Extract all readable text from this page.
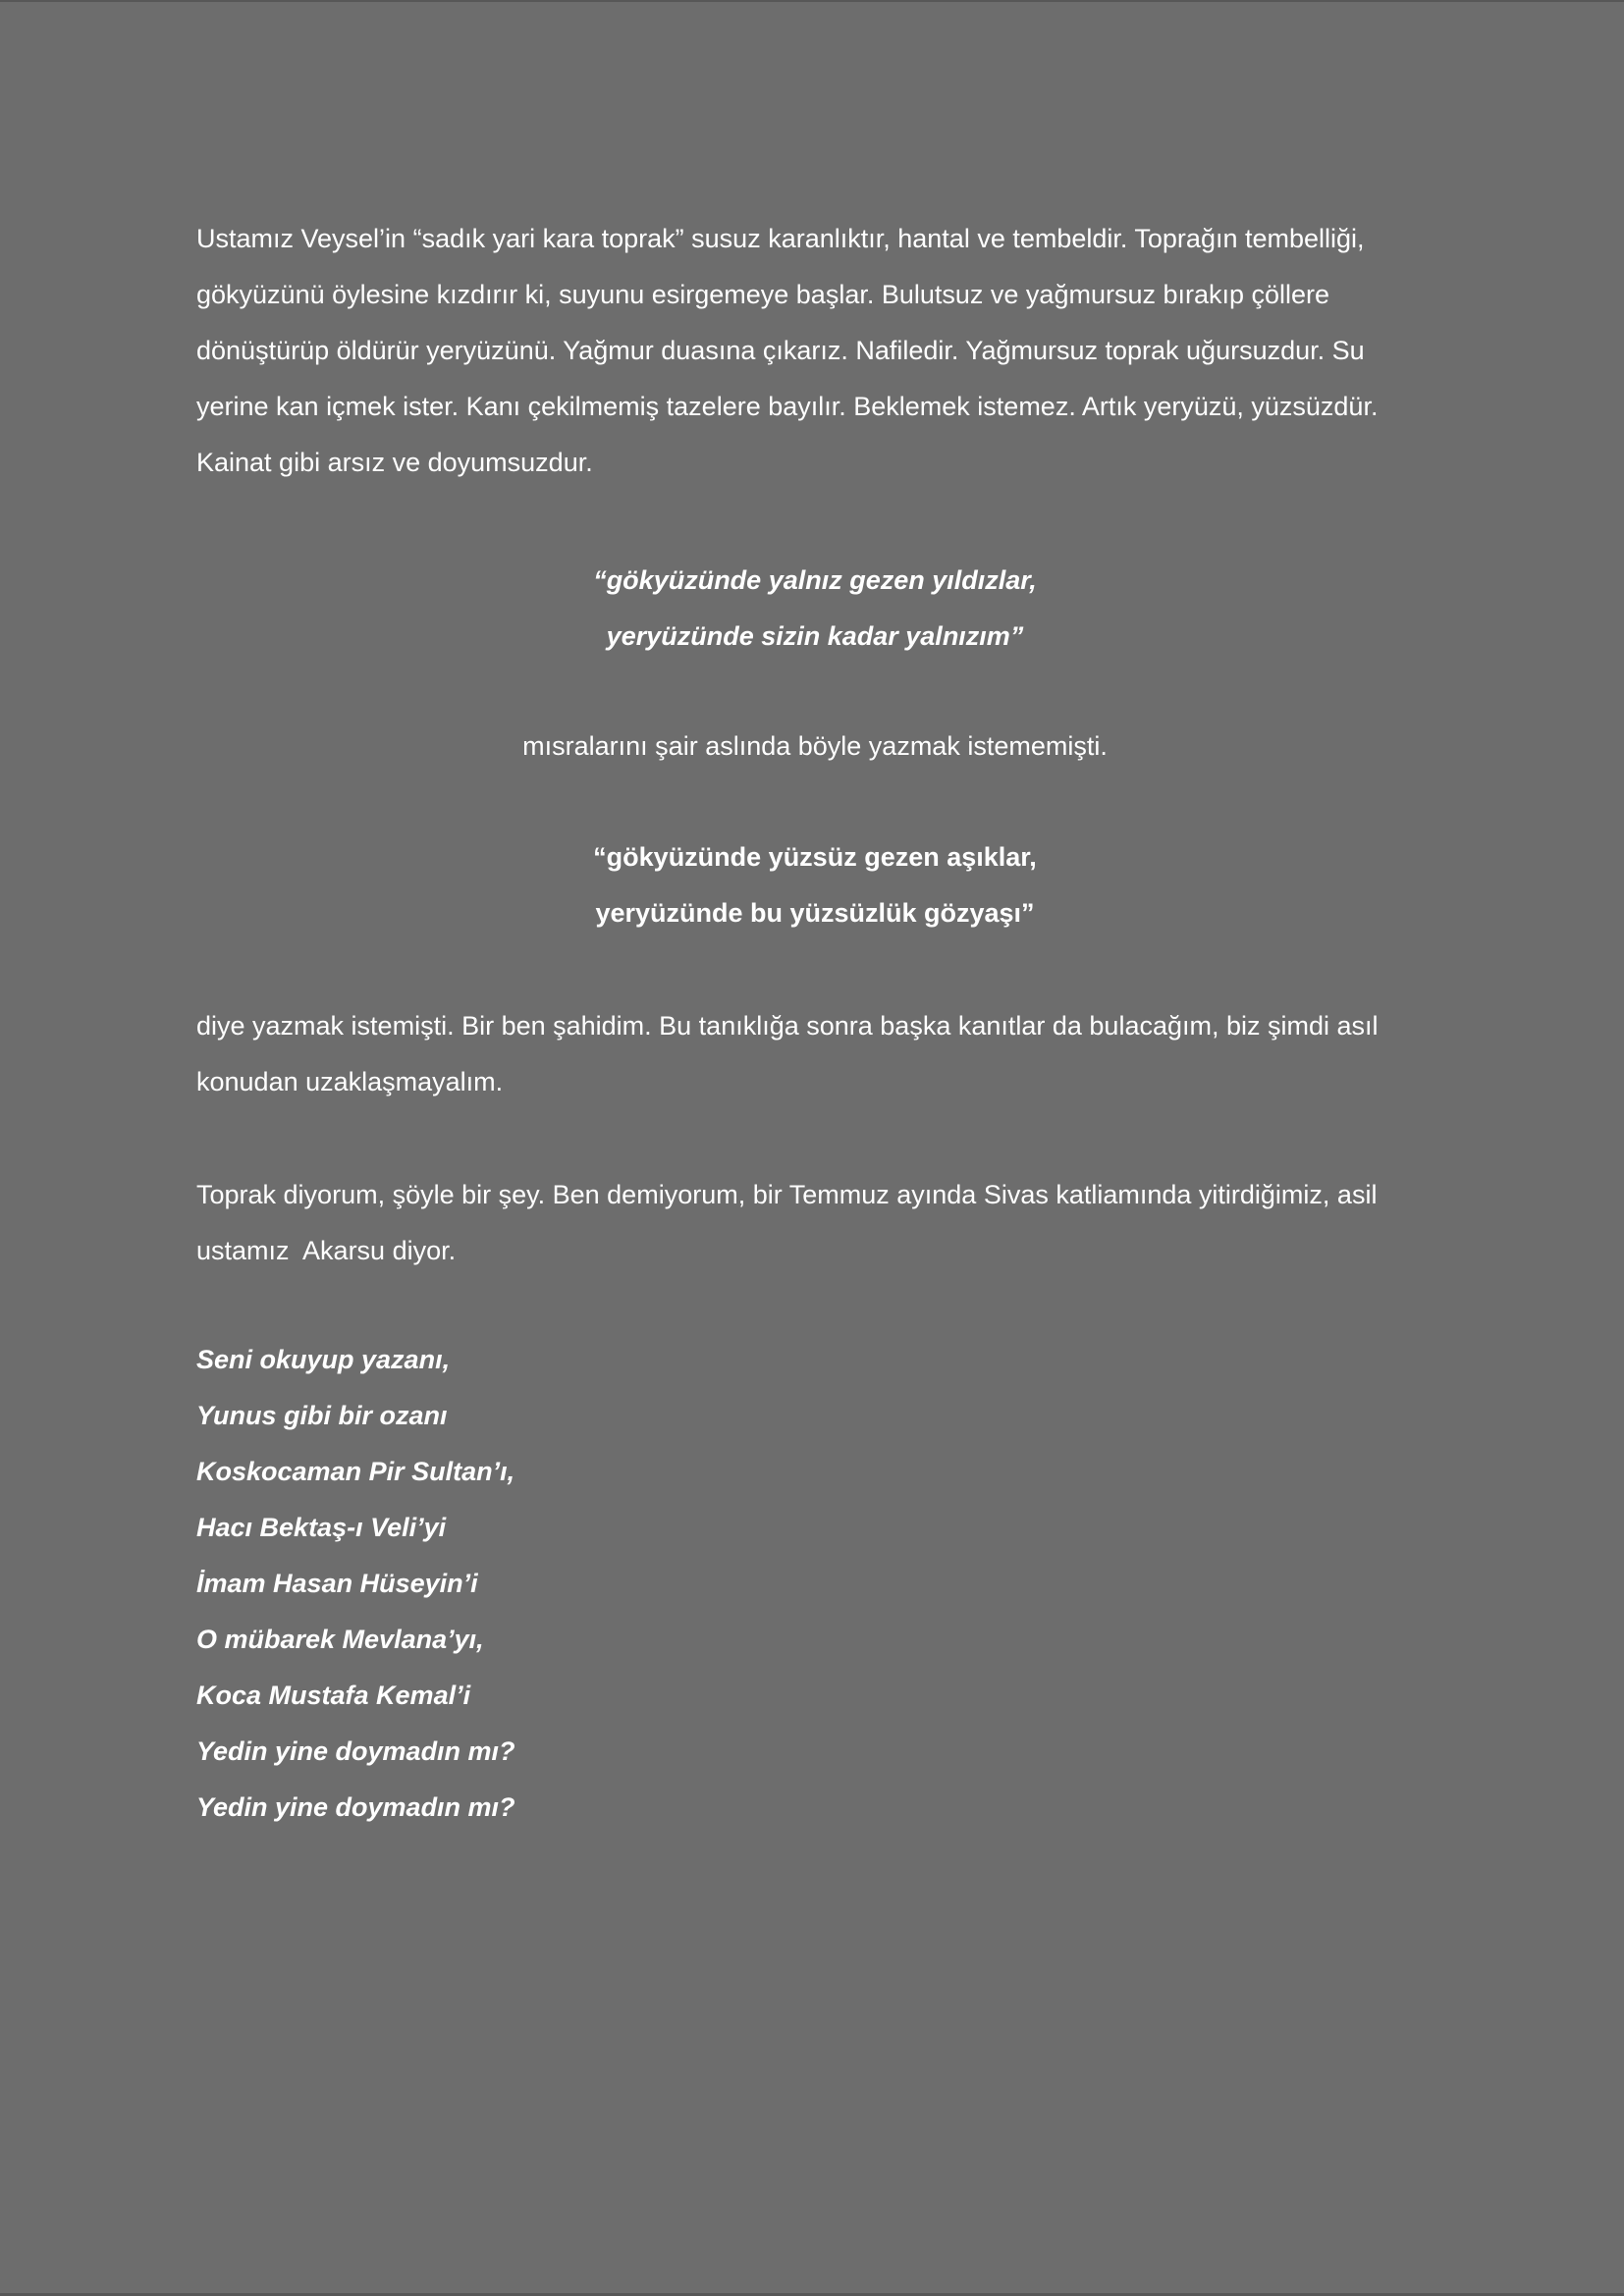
Ustamız Veysel’in “sadık yari kara toprak” susuz karanlıktır, hantal ve tembeldir. Toprağın tembelliği,
gökyüzünü öylesine kızdırır ki, suyunu esirgemeye başlar. Bulutsuz ve yağmursuz bırakıp çöllere
dönüştürüp öldürür yeryüzünü. Yağmur duasına çıkarız. Nafiledir. Yağmursuz toprak uğursuzdur. Su
yerine kan içmek ister. Kanı çekilmemiş tazelere bayılır. Beklemek istemez. Artık yeryüzü, yüzsüzdür.
Kainat gibi arsız ve doyumsuzdur.
“gökyüzünde yalnız gezen yıldızlar,
yeryüzünde sizin kadar yalnızım”
mısralarını şair aslında böyle yazmak istememişti.
“gökyüzünde yüzsüz gezen aşıklar,
yeryüzünde bu yüzsüzlük gözyaşı”
diye yazmak istemişti. Bir ben şahidim. Bu tanıklığa sonra başka kanıtlar da bulacağım, biz şimdi asıl
konudan uzaklaşmayalım.
Toprak diyorum, şöyle bir şey. Ben demiyorum, bir Temmuz ayında Sivas katliamında yitirdiğimiz, asil
ustamız  Akarsu diyor.
Seni okuyup yazanı,
Yunus gibi bir ozanı
Koskocaman Pir Sultan’ı,
Hacı Bektaş-ı Veli’yi
İmam Hasan Hüseyin’i
O mübarek Mevlana’yı,
Koca Mustafa Kemal’i
Yedin yine doymadın mı?
Yedin yine doymadın mı?
